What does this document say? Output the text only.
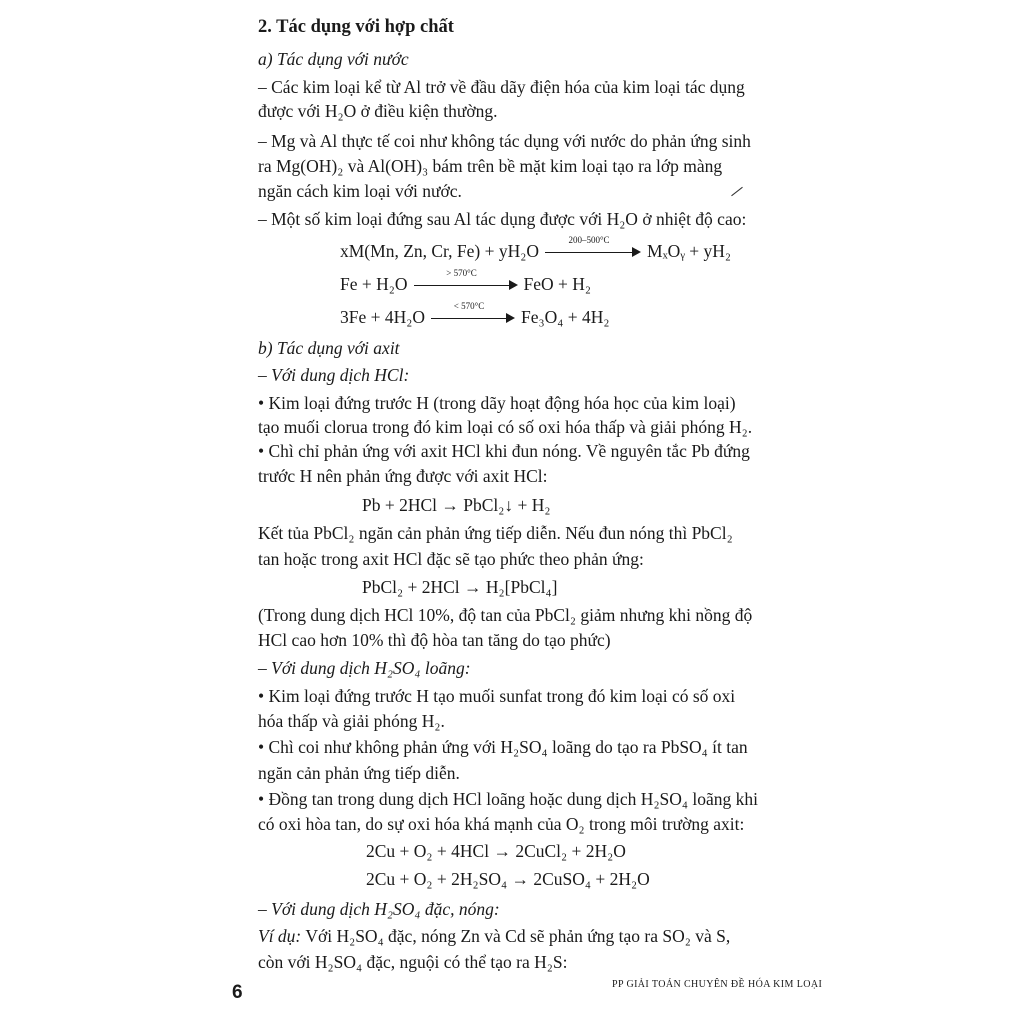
2. Tác dụng với hợp chất
a) Tác dụng với nước
– Các kim loại kể từ Al trở về đầu dãy điện hóa của kim loại tác dụng
được với H₂O ở điều kiện thường.
– Mg và Al thực tế coi như không tác dụng với nước do phản ứng sinh
ra Mg(OH)₂ và Al(OH)₃ bám trên bề mặt kim loại tạo ra lớp màng
ngăn cách kim loại với nước.
– Một số kim loại đứng sau Al tác dụng được với H₂O ở nhiệt độ cao:
xM(Mn, Zn, Cr, Fe) + yH₂O
200–500°C
MₓOᵧ + yH₂
Fe + H₂O
> 570°C
FeO + H₂
3Fe + 4H₂O
< 570°C
Fe₃O₄ + 4H₂
b) Tác dụng với axit
– Với dung dịch HCl:
• Kim loại đứng trước H (trong dãy hoạt động hóa học của kim loại)
tạo muối clorua trong đó kim loại có số oxi hóa thấp và giải phóng H₂.
• Chì chỉ phản ứng với axit HCl khi đun nóng. Về nguyên tắc Pb đứng
trước H nên phản ứng được với axit HCl:
Pb + 2HCl → PbCl₂↓ + H₂
Kết tủa PbCl₂ ngăn cản phản ứng tiếp diễn. Nếu đun nóng thì PbCl₂
tan hoặc trong axit HCl đặc sẽ tạo phức theo phản ứng:
PbCl₂ + 2HCl → H₂[PbCl₄]
(Trong dung dịch HCl 10%, độ tan của PbCl₂ giảm nhưng khi nồng độ
HCl cao hơn 10% thì độ hòa tan tăng do tạo phức)
– Với dung dịch H₂SO₄ loãng:
• Kim loại đứng trước H tạo muối sunfat trong đó kim loại có số oxi
hóa thấp và giải phóng H₂.
• Chì coi như không phản ứng với H₂SO₄ loãng do tạo ra PbSO₄ ít tan
ngăn cản phản ứng tiếp diễn.
• Đồng tan trong dung dịch HCl loãng hoặc dung dịch H₂SO₄ loãng khi
có oxi hòa tan, do sự oxi hóa khá mạnh của O₂ trong môi trường axit:
2Cu + O₂ + 4HCl → 2CuCl₂ + 2H₂O
2Cu + O₂ + 2H₂SO₄ → 2CuSO₄ + 2H₂O
– Với dung dịch H₂SO₄ đặc, nóng:
Ví dụ: Với H₂SO₄ đặc, nóng Zn và Cd sẽ phản ứng tạo ra SO₂ và S,
còn với H₂SO₄ đặc, nguội có thể tạo ra H₂S:
6	PP GIẢI TOÁN CHUYÊN ĐỀ HÓA KIM LOẠI
